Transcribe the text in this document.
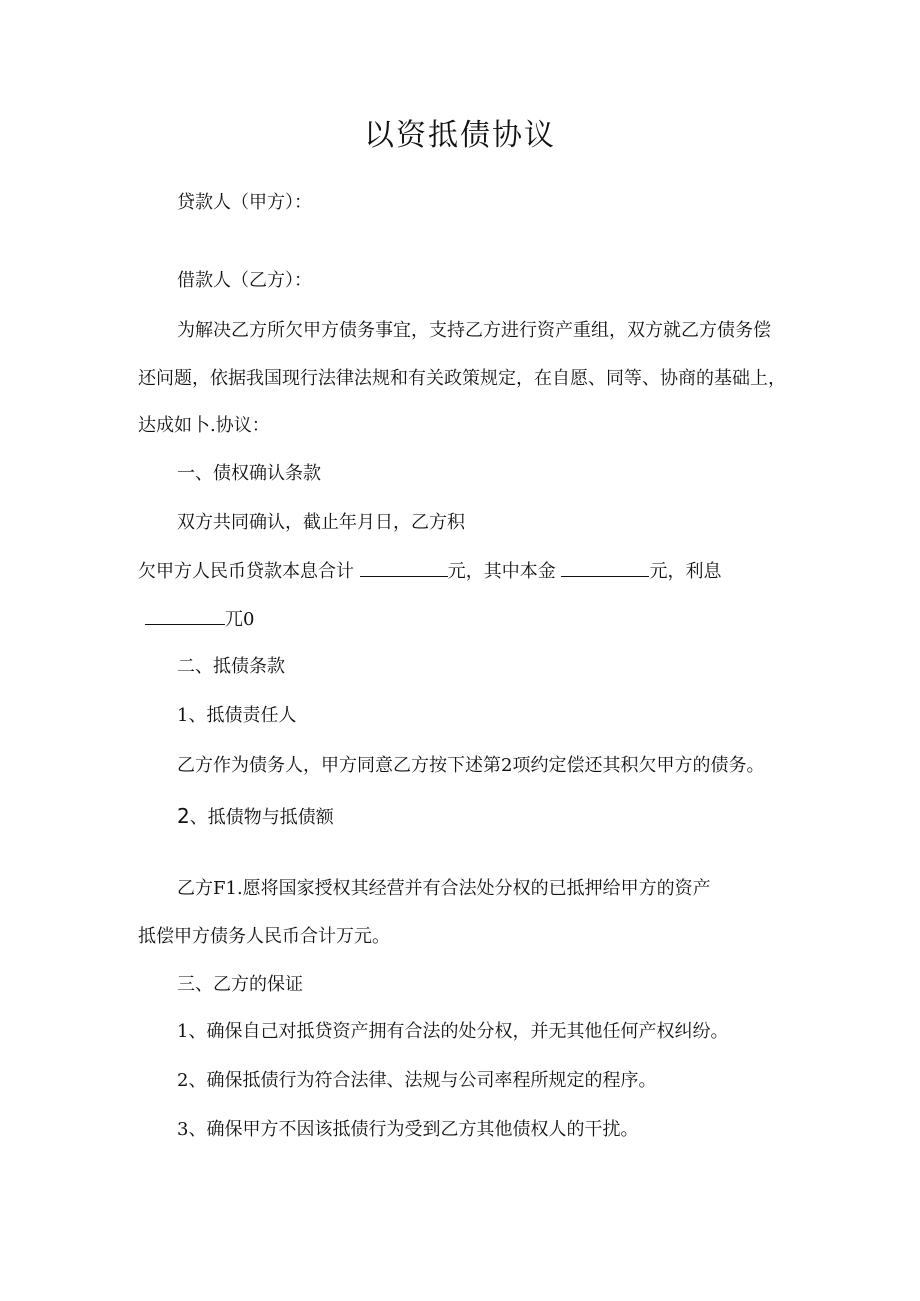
以资抵债协议
贷款人（甲方）：
借款人（乙方）：
为解决乙方所欠甲方债务事宜，支持乙方进行资产重组，双方就乙方债务偿
还问题，依据我国现行法律法规和有关政策规定，在自愿、同等、协商的基础上，
达成如卜.协议：
一、债权确认条款
双方共同确认，截止年月日，乙方积
欠甲方人民币贷款本息合计	元，其中本金	元，利息
兀0
二、抵债条款
1、抵债责任人
乙方作为债务人，甲方同意乙方按下述第2项约定偿还其积欠甲方的债务。
2、抵债物与抵债额
乙方F1.愿将国家授权其经营并有合法处分权的已抵押给甲方的资产
抵偿甲方债务人民币合计万元。
三、乙方的保证
1、确保自己对抵贷资产拥有合法的处分权，并无其他任何产权纠纷。
2、确保抵债行为符合法律、法规与公司率程所规定的程序。
3、确保甲方不因该抵债行为受到乙方其他债权人的干扰。
